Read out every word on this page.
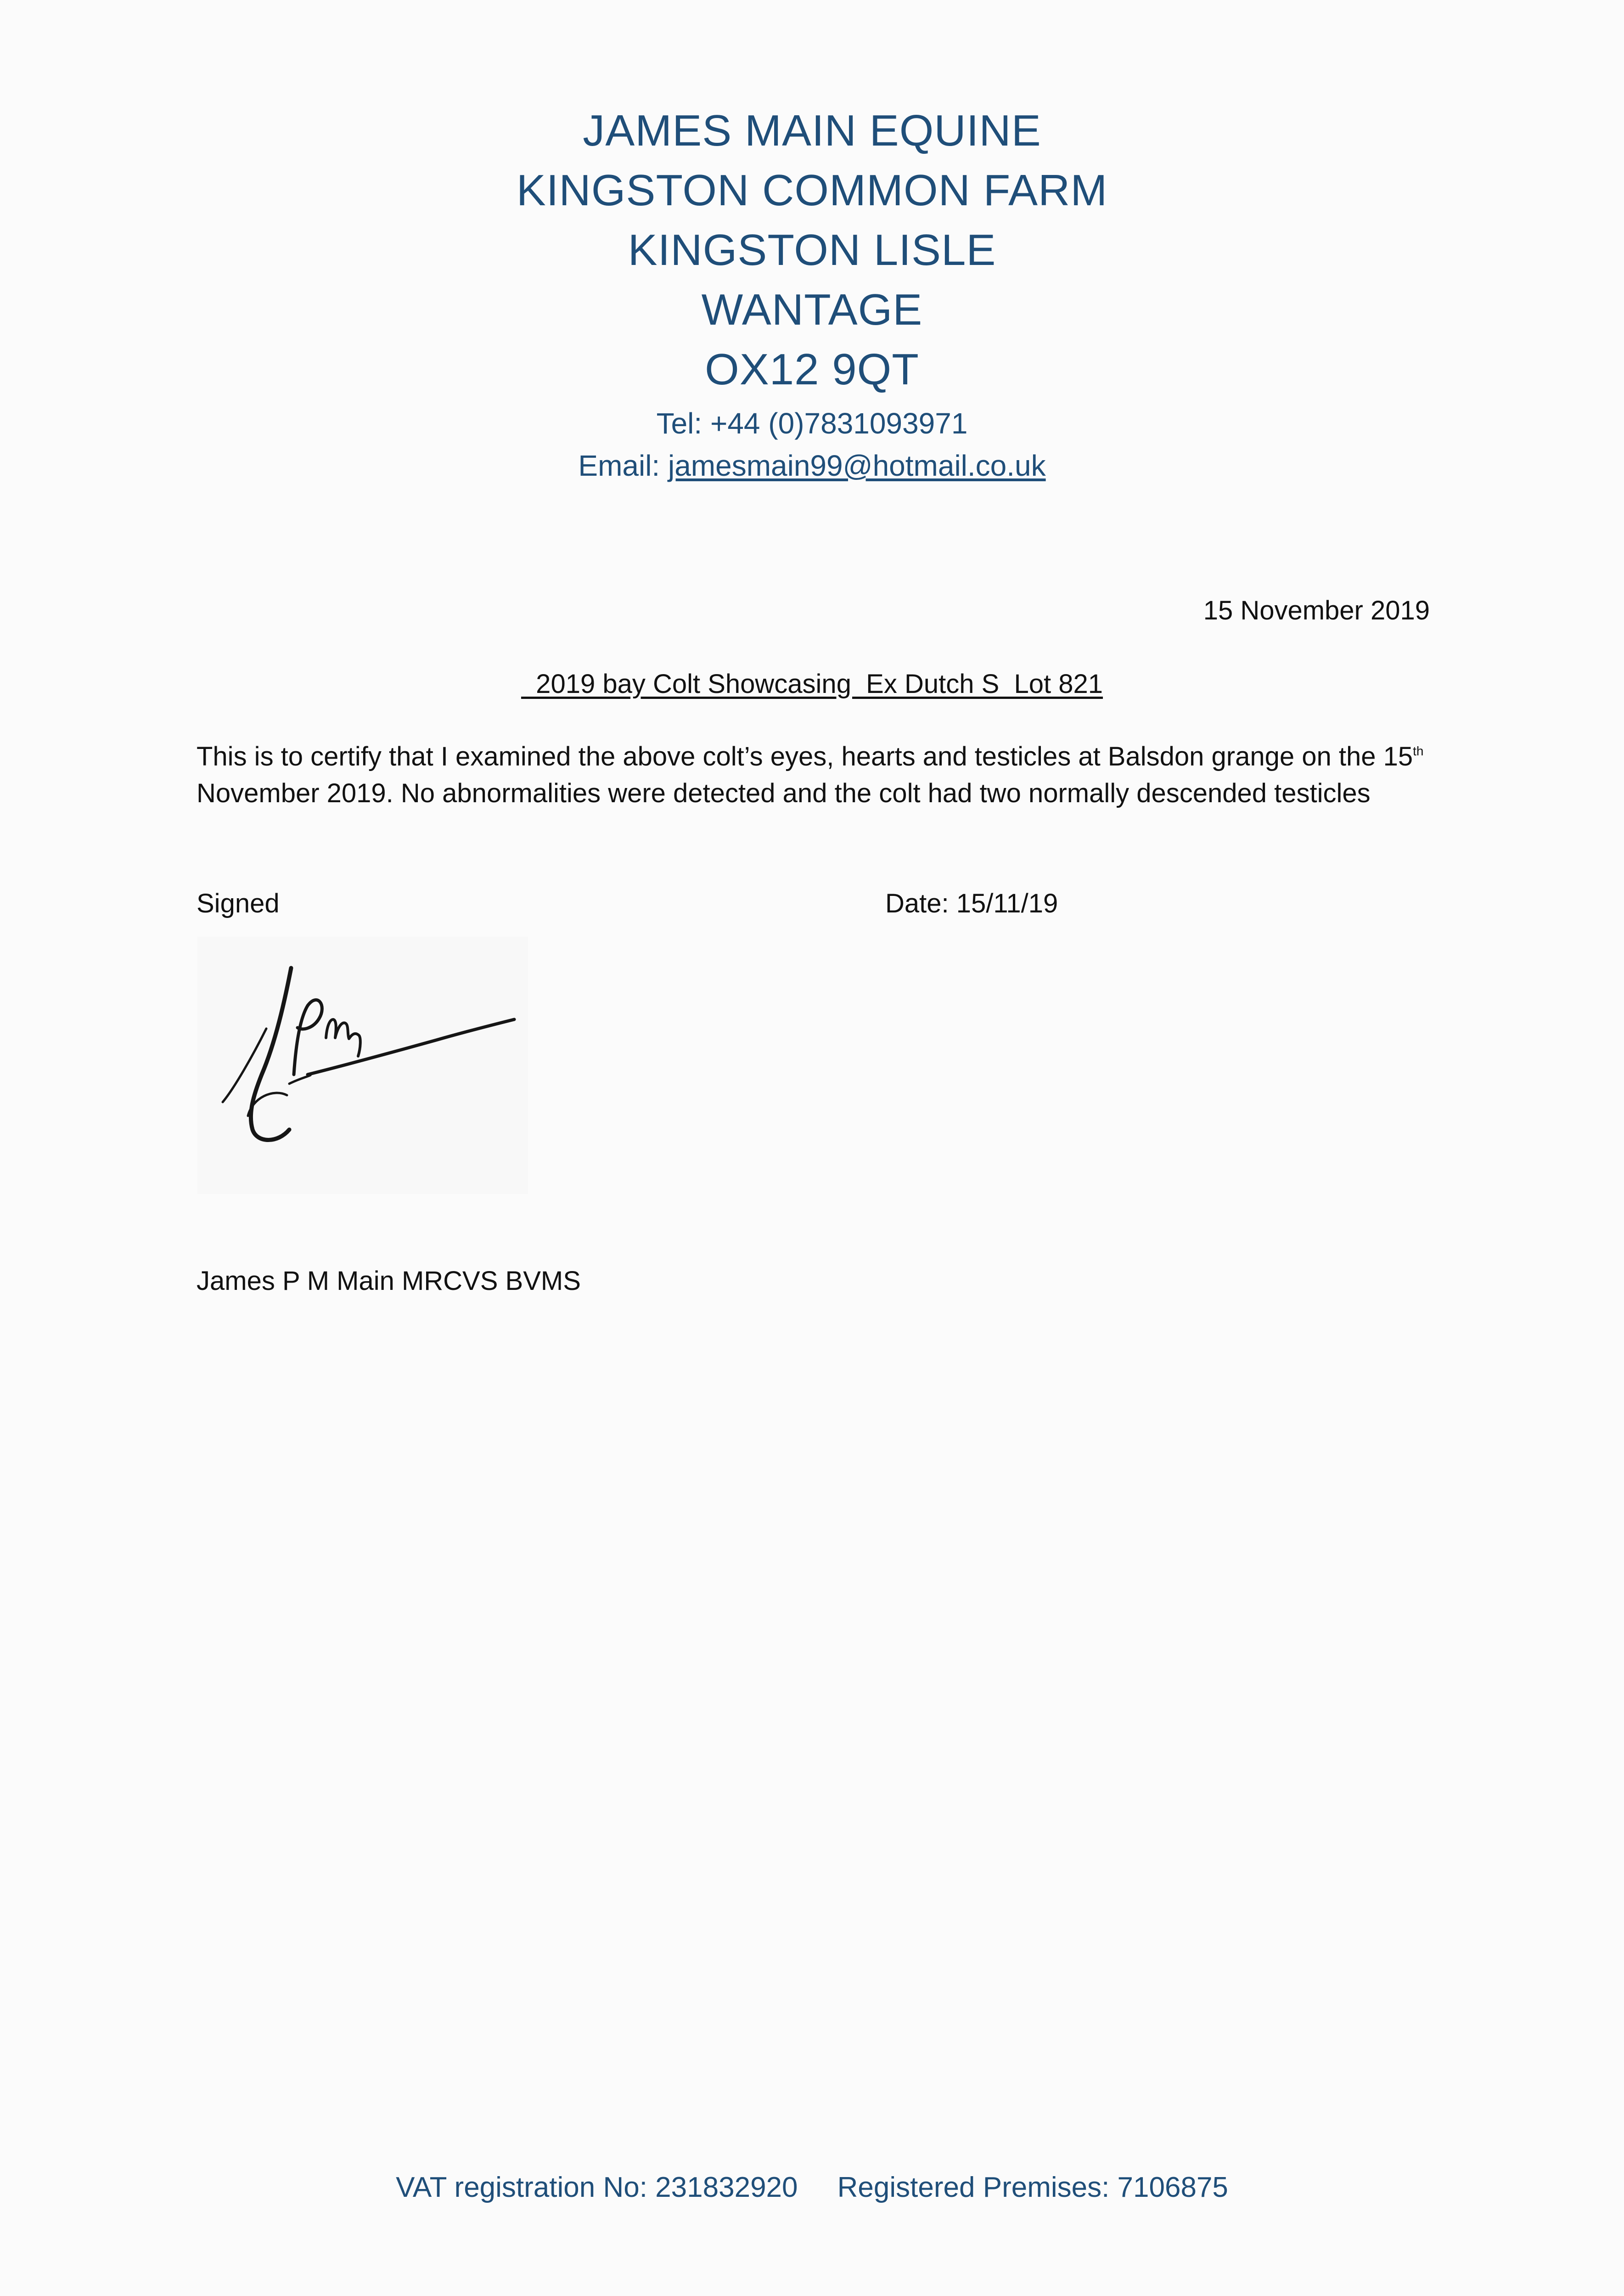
JAMES MAIN EQUINE

KINGSTON COMMON FARM

KINGSTON LISLE

WANTAGE

OX12 9QT

Tel: +44 (0)7831093971

Email: jamesmain99@hotmail.co.uk

15 November 2019
2019 bay Colt Showcasing  Ex Dutch S  Lot 821
This is to certify that I examined the above colt’s eyes, hearts and testicles at Balsdon grange on the 15th November 2019. No abnormalities were detected and the colt had two normally descended testicles
Signed	Date: 15/11/19
James P M Main MRCVS BVMS
VAT registration No: 231832920 Registered Premises: 7106875
